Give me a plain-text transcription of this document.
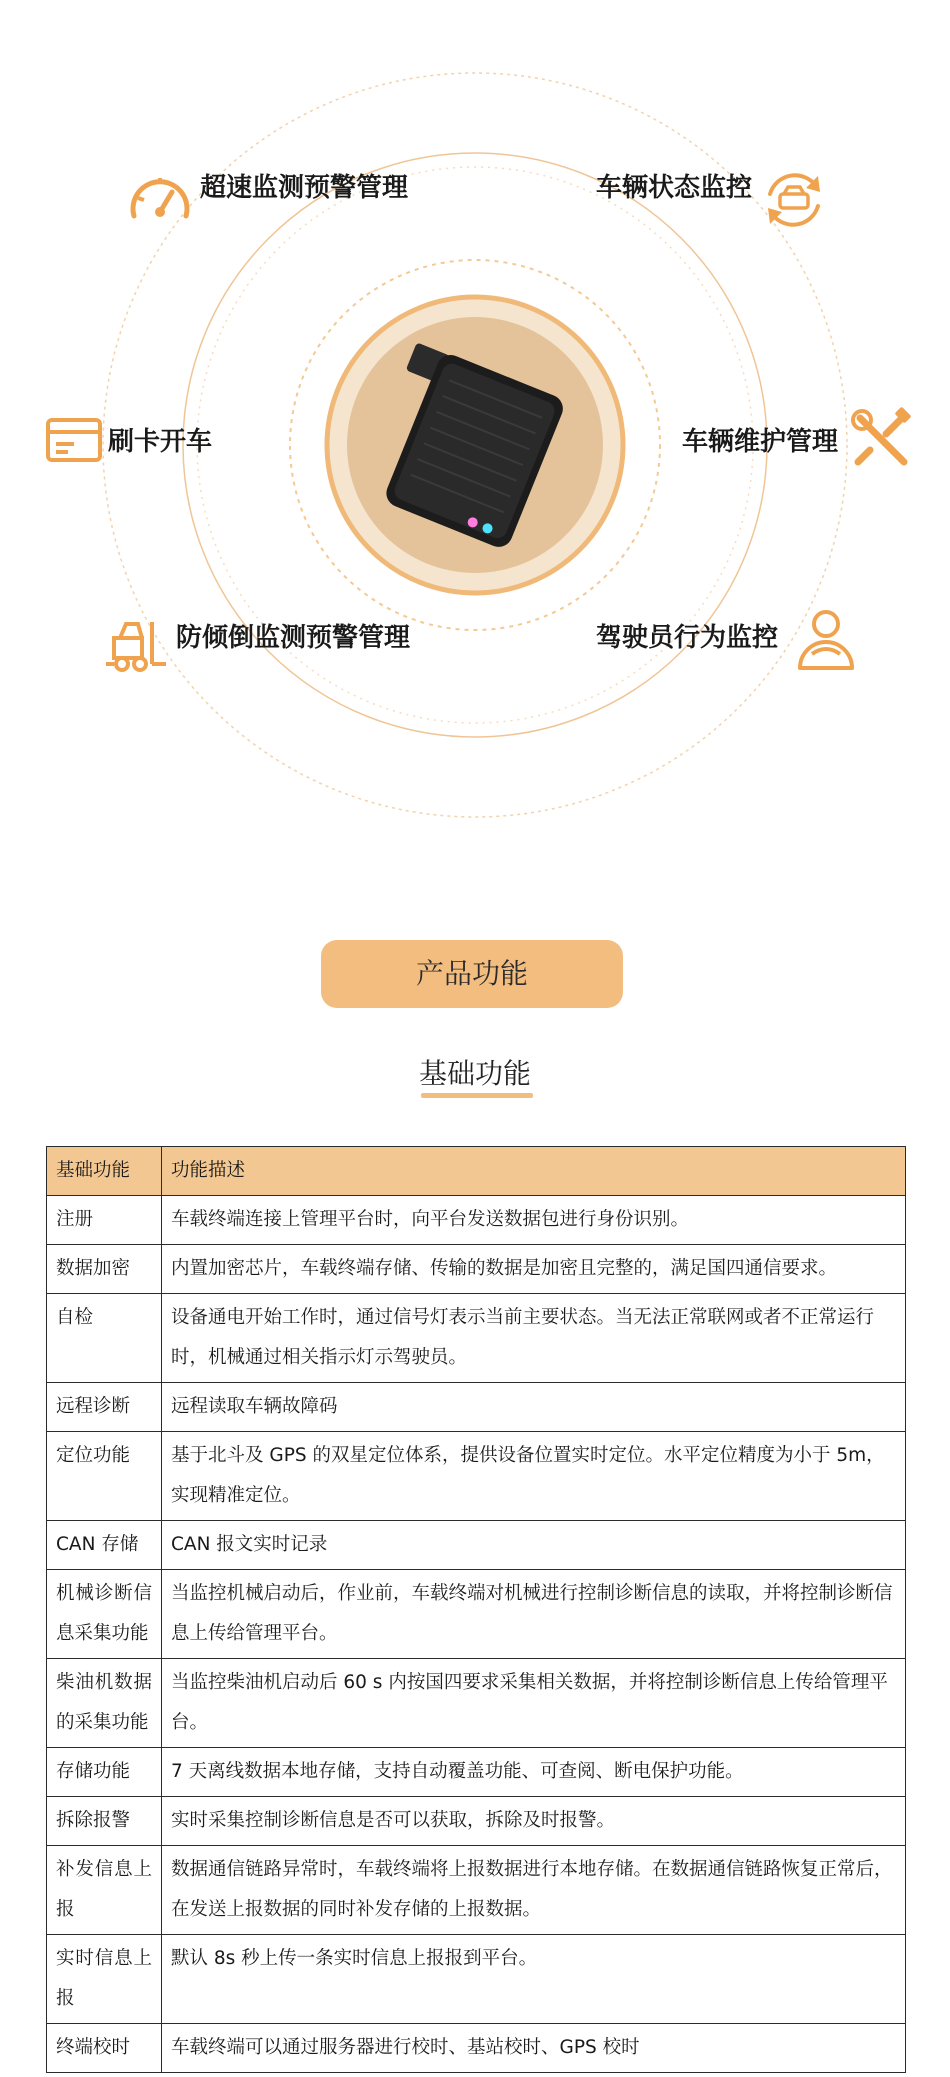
超速监测预警管理	车辆状态监控
刷卡开车	车辆维护管理
防倾倒监测预警管理	驾驶员行为监控
产品功能
基础功能
基础功能	功能描述
注册	车载终端连接上管理平台时，向平台发送数据包进行身份识别。
数据加密	内置加密芯片，车载终端存储、传输的数据是加密且完整的，满足国四通信要求。
自检	设备通电开始工作时，通过信号灯表示当前主要状态。当无法正常联网或者不正常运行时，机械通过相关指示灯示驾驶员。
远程诊断	远程读取车辆故障码
定位功能	基于北斗及 GPS 的双星定位体系，提供设备位置实时定位。水平定位精度为小于 5m，实现精准定位。
CAN 存储	CAN 报文实时记录
机械诊断信息采集功能	当监控机械启动后，作业前，车载终端对机械进行控制诊断信息的读取，并将控制诊断信息上传给管理平台。
柴油机数据的采集功能	当监控柴油机启动后 60 s 内按国四要求采集相关数据，并将控制诊断信息上传给管理平台。
存储功能	7 天离线数据本地存储，支持自动覆盖功能、可查阅、断电保护功能。
拆除报警	实时采集控制诊断信息是否可以获取，拆除及时报警。
补发信息上报	数据通信链路异常时，车载终端将上报数据进行本地存储。在数据通信链路恢复正常后，在发送上报数据的同时补发存储的上报数据。
实时信息上报	默认 8s 秒上传一条实时信息上报报到平台。
终端校时	车载终端可以通过服务器进行校时、基站校时、GPS 校时
